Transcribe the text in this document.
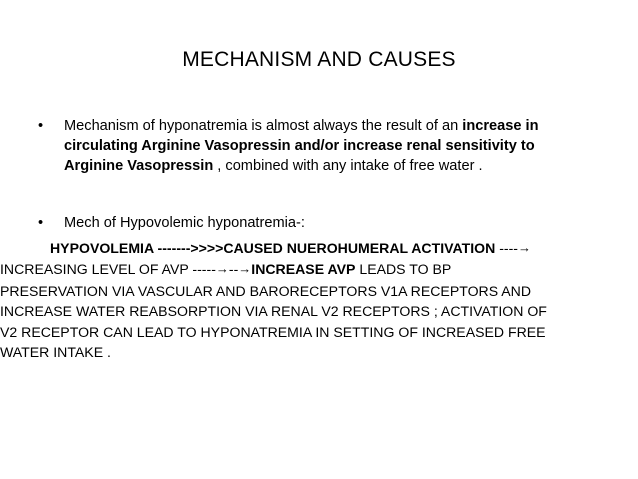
MECHANISM AND CAUSES
• Mechanism of hyponatremia is almost always the result of an increase in
circulating Arginine Vasopressin and/or increase renal sensitivity to
Arginine Vasopressin , combined with any intake of free water .
• Mech of Hypovolemic hyponatremia-:
HYPOVOLEMIA ------->>>>CAUSED NUEROHUMERAL ACTIVATION ----→
INCREASING LEVEL OF AVP -----→--→INCREASE AVP LEADS TO BP
PRESERVATION VIA VASCULAR AND BARORECEPTORS V1A RECEPTORS AND
INCREASE WATER REABSORPTION VIA RENAL V2 RECEPTORS ; ACTIVATION OF
V2 RECEPTOR CAN LEAD TO HYPONATREMIA IN SETTING OF INCREASED FREE
WATER INTAKE .
